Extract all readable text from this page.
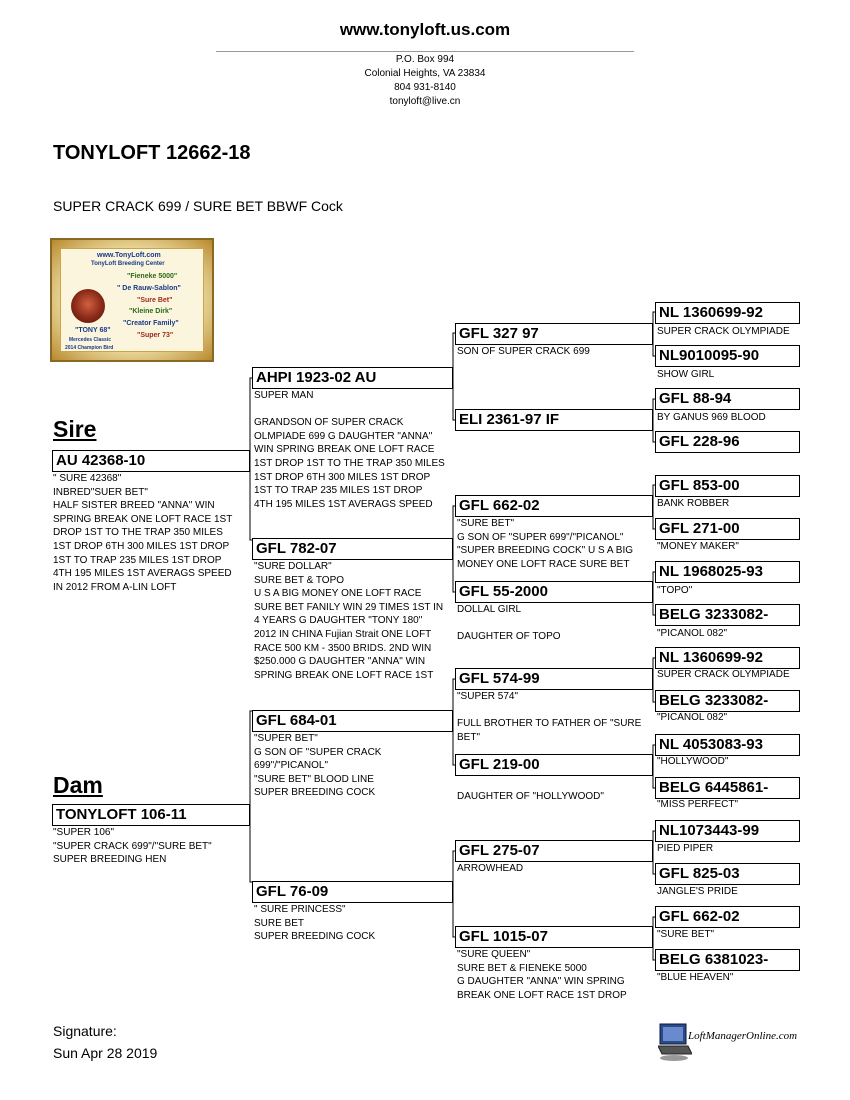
www.tonyloft.us.com
P.O. Box 994
Colonial Heights, VA 23834
804 931-8140
tonyloft@live.cn
TONYLOFT 12662-18
SUPER CRACK 699 / SURE BET BBWF Cock
www.TonyLoft.com
TonyLoft Breeding Center
"Fieneke 5000"
" De Rauw-Sablon"
"Sure Bet"
"Kleine Dirk"
"Creator Family"
"Super 73"
"TONY 68"
Mercedes Classic
2014 Champion Bird
Sire
AU 42368-10
" SURE 42368"
INBRED"SUER BET"
HALF SISTER BREED "ANNA" WIN
SPRING BREAK ONE LOFT RACE 1ST
DROP 1ST TO THE TRAP 350 MILES
1ST DROP 6TH 300 MILES 1ST DROP
1ST TO TRAP 235 MILES 1ST DROP
4TH 195 MILES 1ST AVERAGS SPEED
IN 2012 FROM A-LIN LOFT
Dam
TONYLOFT 106-11
"SUPER 106"
"SUPER CRACK 699"/"SURE BET"
SUPER BREEDING HEN
AHPI 1923-02 AU
SUPER MAN

GRANDSON OF SUPER CRACK
OLMPIADE 699 G DAUGHTER "ANNA"
WIN SPRING BREAK ONE LOFT RACE
1ST DROP 1ST TO THE TRAP 350 MILES
1ST DROP 6TH 300 MILES 1ST DROP
1ST TO TRAP 235 MILES 1ST DROP
4TH 195 MILES 1ST AVERAGS SPEED
GFL 782-07
"SURE DOLLAR"
SURE BET & TOPO
U S A BIG MONEY ONE LOFT RACE
SURE BET FANILY WIN 29 TIMES 1ST IN
4 YEARS G DAUGHTER "TONY 180"
2012 IN CHINA Fujian Strait ONE LOFT
RACE 500 KM - 3500 BRIDS. 2ND WIN
$250.000 G DAUGHTER "ANNA" WIN
SPRING BREAK ONE LOFT RACE 1ST
GFL 684-01
"SUPER BET"
G SON OF "SUPER CRACK
699"/"PICANOL"
"SURE BET" BLOOD LINE
SUPER BREEDING COCK
GFL 76-09
" SURE PRINCESS"
SURE BET
SUPER BREEDING COCK
GFL 327 97
SON OF SUPER CRACK 699
ELI 2361-97 IF
GFL 662-02
"SURE BET"
G SON OF "SUPER 699"/"PICANOL"
"SUPER BREEDING COCK" U S A BIG
MONEY ONE LOFT RACE SURE BET
GFL 55-2000
DOLLAL GIRL

DAUGHTER OF TOPO
GFL 574-99
"SUPER 574"

FULL BROTHER TO FATHER OF "SURE
BET"
GFL 219-00

DAUGHTER OF "HOLLYWOOD"
GFL 275-07
ARROWHEAD
GFL 1015-07
"SURE QUEEN"
SURE BET & FIENEKE 5000
G DAUGHTER "ANNA" WIN SPRING
BREAK ONE LOFT RACE 1ST DROP
NL 1360699-92
SUPER CRACK OLYMPIADE
NL9010095-90
SHOW GIRL
GFL 88-94
BY GANUS 969 BLOOD
GFL 228-96
GFL 853-00
BANK ROBBER
GFL 271-00
"MONEY MAKER"
NL 1968025-93
"TOPO"
BELG 3233082-
"PICANOL 082"
NL 1360699-92
SUPER CRACK OLYMPIADE
BELG 3233082-
"PICANOL 082"
NL 4053083-93
"HOLLYWOOD"
BELG 6445861-
"MISS PERFECT"
NL1073443-99
PIED PIPER
GFL 825-03
JANGLE'S PRIDE
GFL 662-02
"SURE BET"
BELG 6381023-
"BLUE HEAVEN"
Signature:
Sun Apr 28 2019
LoftManagerOnline.com
